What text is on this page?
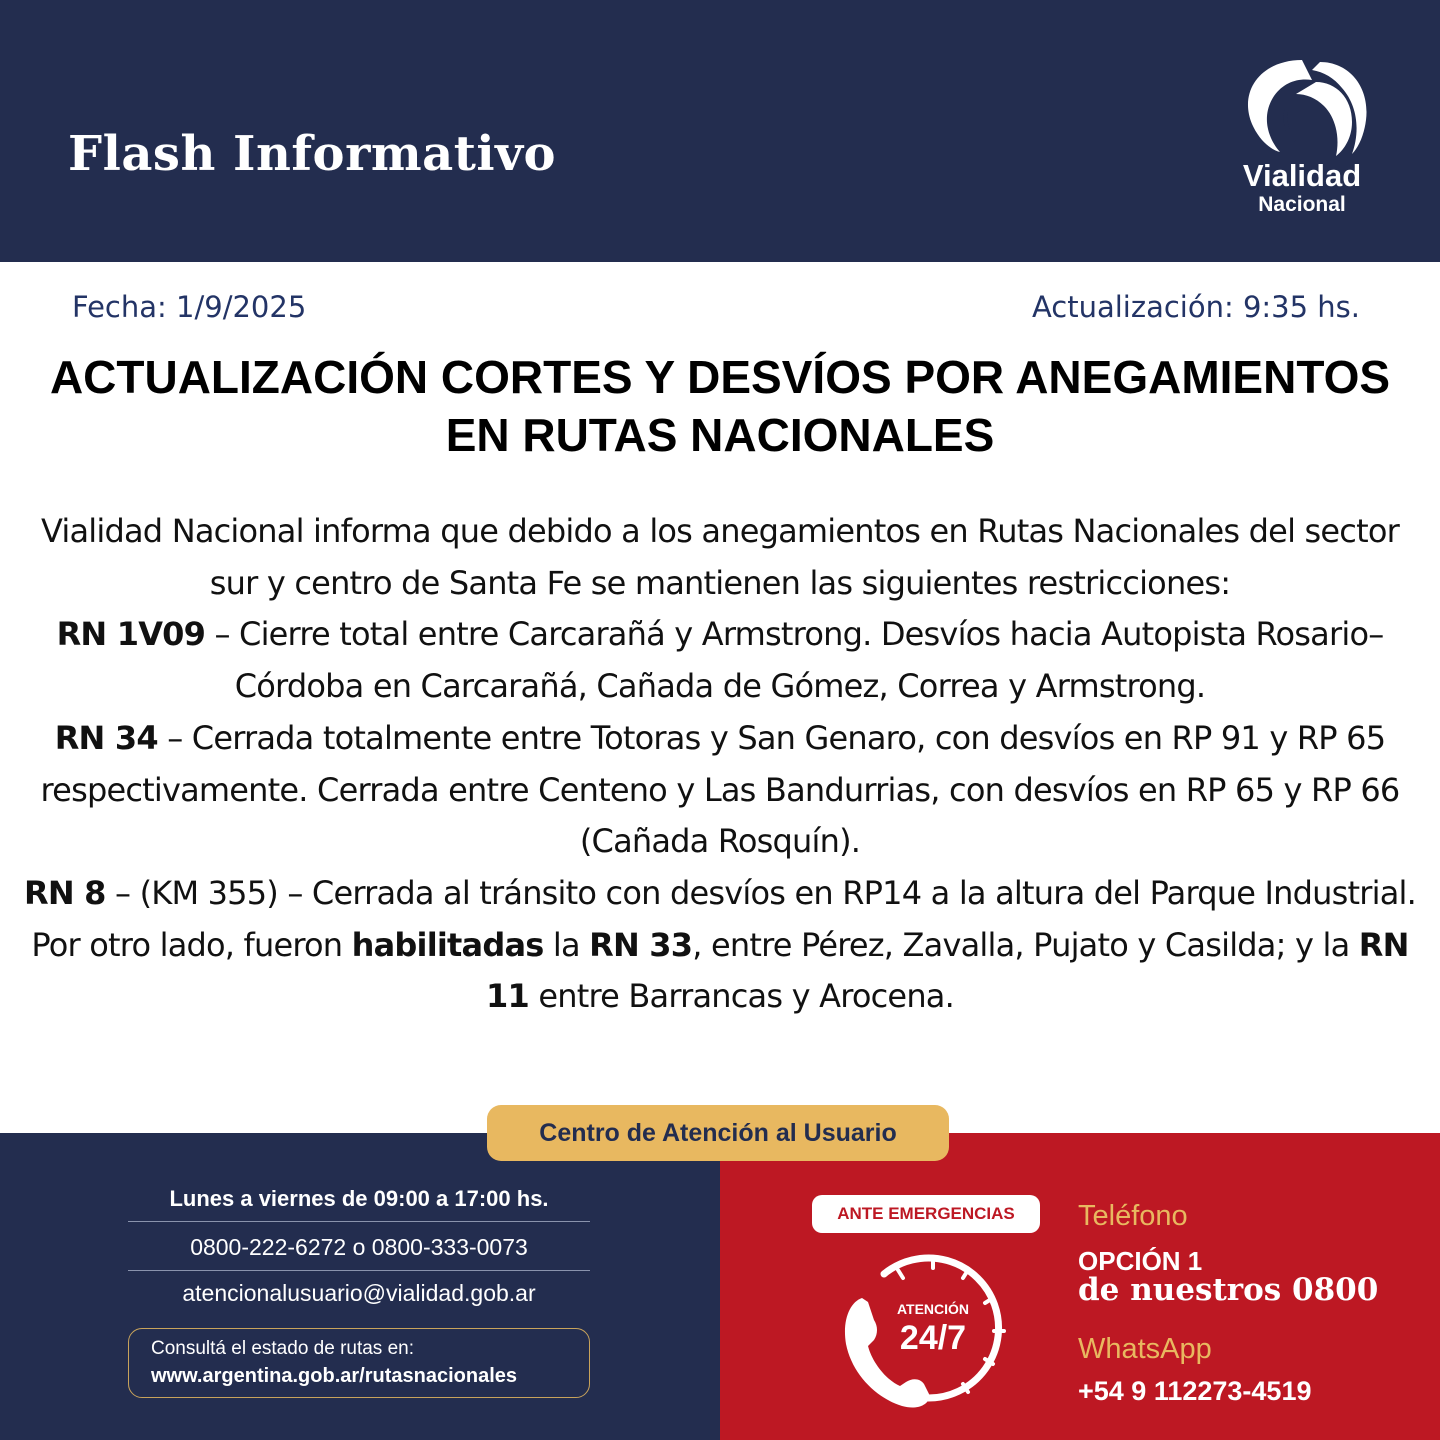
Flash Informativo	Vialidad
Nacional
Fecha: 1/9/2025	Actualización: 9:35 hs.
ACTUALIZACIÓN CORTES Y DESVÍOS POR ANEGAMIENTOS
EN RUTAS NACIONALES

Vialidad Nacional informa que debido a los anegamientos en Rutas Nacionales del sector sur y centro de Santa Fe se mantienen las siguientes restricciones:

RN 1V09 – Cierre total entre Carcarañá y Armstrong. Desvíos hacia Autopista Rosario–Córdoba en Carcarañá, Cañada de Gómez, Correa y Armstrong.

RN 34 – Cerrada totalmente entre Totoras y San Genaro, con desvíos en RP 91 y RP 65 respectivamente. Cerrada entre Centeno y Las Bandurrias, con desvíos en RP 65 y RP 66 (Cañada Rosquín).

RN 8 – (KM 355) – Cerrada al tránsito con desvíos en RP14 a la altura del Parque Industrial.

Por otro lado, fueron habilitadas la RN 33, entre Pérez, Zavalla, Pujato y Casilda; y la RN 11 entre Barrancas y Arocena.

Centro de Atención al Usuario
Lunes a viernes de 09:00 a 17:00 hs.
0800-222-6272 o 0800-333-0073
atencionalusuario@vialidad.gob.ar
Consultá el estado de rutas en:
www.argentina.gob.ar/rutasnacionales
ANTE EMERGENCIAS
ATENCIÓN
24/7
Teléfono
OPCIÓN 1
de nuestros 0800
WhatsApp
+54 9 112273-4519
